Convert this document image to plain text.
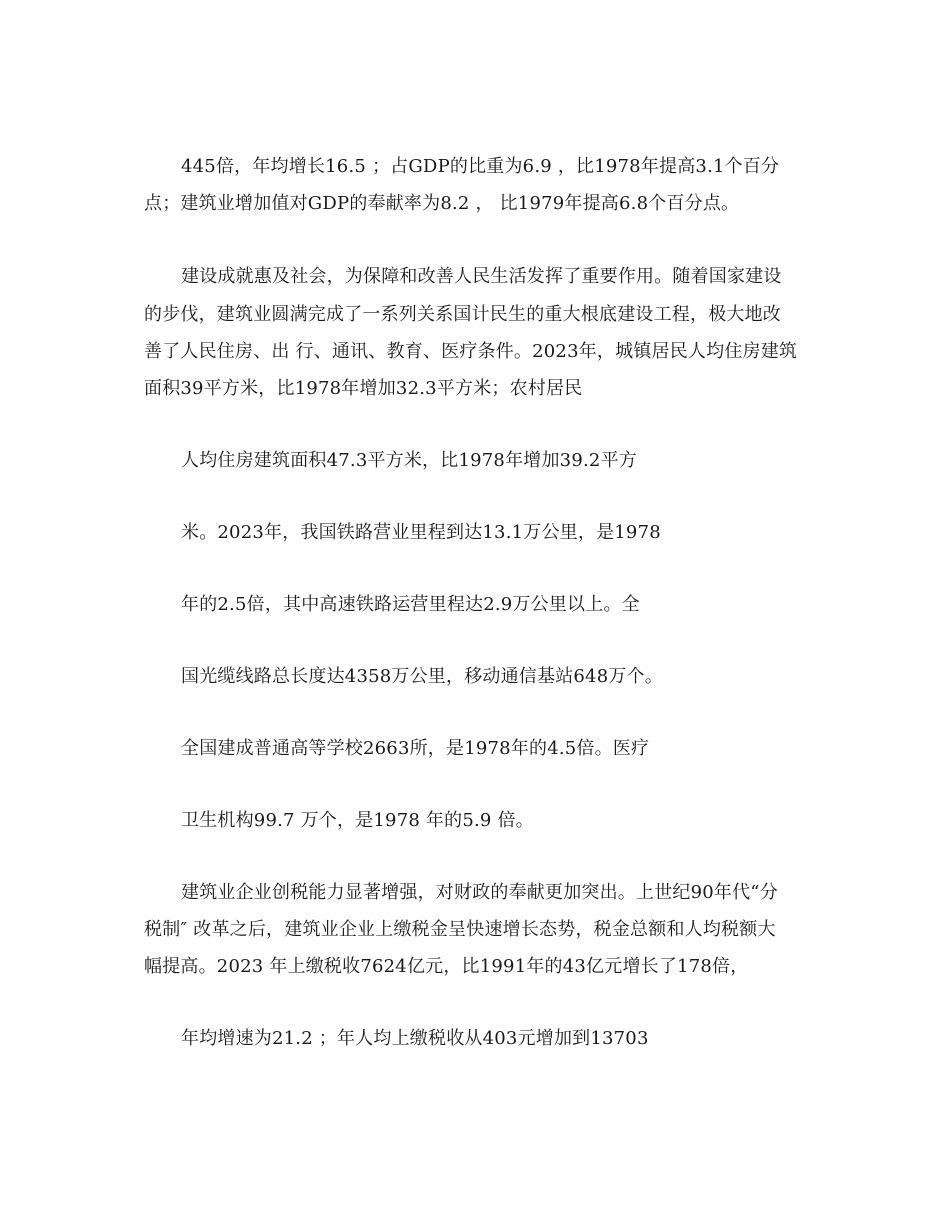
445倍，年均增长16.5 ；占GDP的比重为6.9 ，比1978年提高3.1个百分
点；建筑业增加值对GDP的奉献率为8.2 ， 比1979年提高6.8个百分点。
建设成就惠及社会，为保障和改善人民生活发挥了重要作用。随着国家建设
的步伐，建筑业圆满完成了一系列关系国计民生的重大根底建设工程，极大地改
善了人民住房、出 行、通讯、教育、医疗条件。2023年，城镇居民人均住房建筑
面积39平方米，比1978年增加32.3平方米；农村居民
人均住房建筑面积47.3平方米，比1978年增加39.2平方
米。2023年，我国铁路营业里程到达13.1万公里，是1978
年的2.5倍，其中高速铁路运营里程达2.9万公里以上。全
国光缆线路总长度达4358万公里，移动通信基站648万个。
全国建成普通高等学校2663所，是1978年的4.5倍。医疗
卫生机构99.7 万个，是1978 年的5.9 倍。
建筑业企业创税能力显著增强，对财政的奉献更加突出。上世纪90年代“分
税制″ 改革之后，建筑业企业上缴税金呈快速增长态势，税金总额和人均税额大
幅提高。2023 年上缴税收7624亿元，比1991年的43亿元增长了178倍，
年均增速为21.2 ；年人均上缴税收从403元增加到13703
